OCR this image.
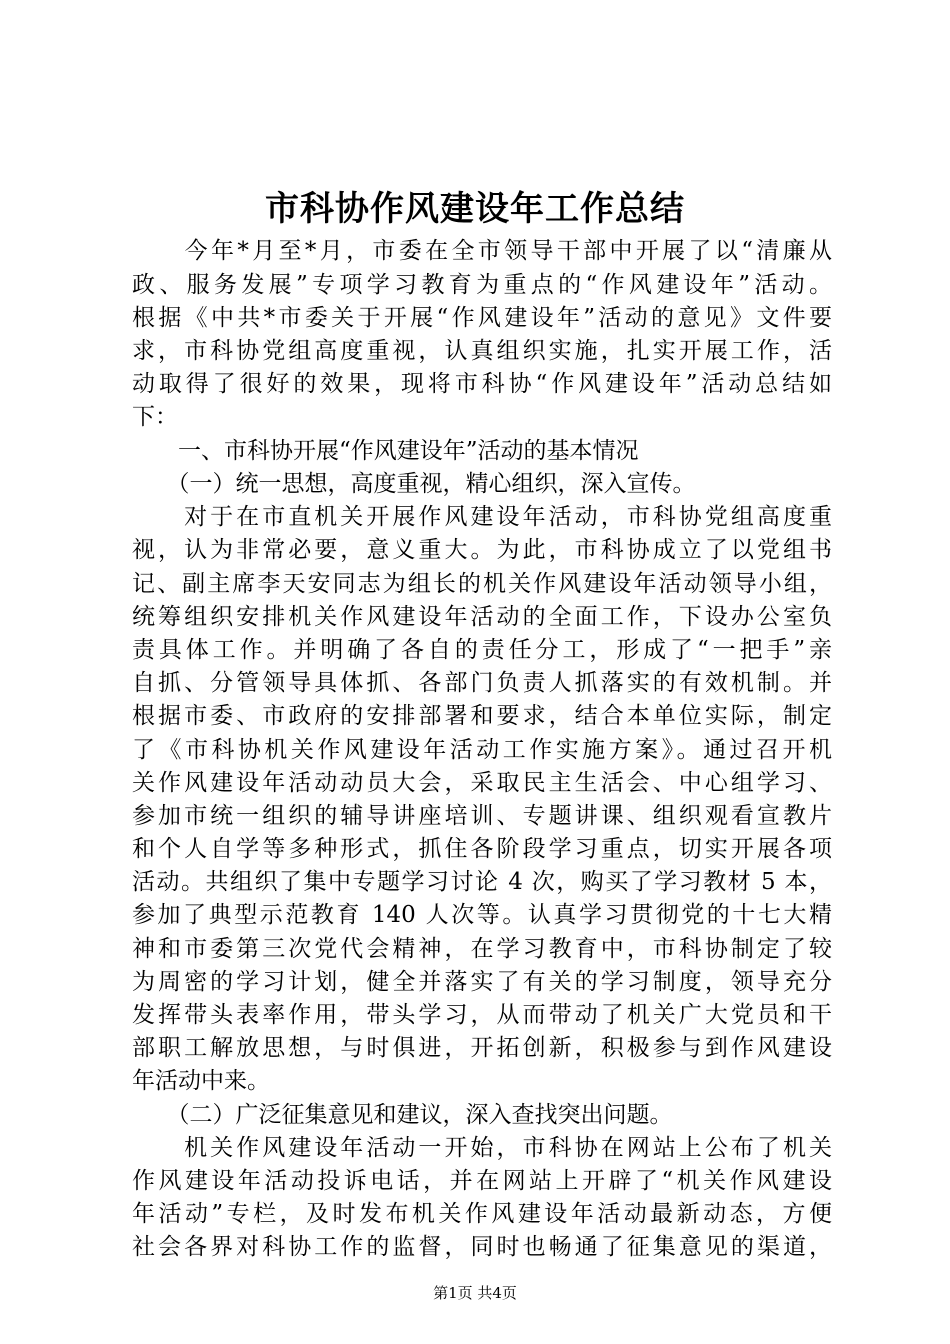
市科协作风建设年工作总结
　　今年*月至*月，市委在全市领导干部中开展了以“清廉从
政、服务发展”专项学习教育为重点的“作风建设年”活动。
根据《中共*市委关于开展“作风建设年”活动的意见》文件要
求，市科协党组高度重视，认真组织实施，扎实开展工作，活
动取得了很好的效果，现将市科协“作风建设年”活动总结如
下：
　　一、市科协开展“作风建设年”活动的基本情况
　　（一）统一思想，高度重视，精心组织，深入宣传。
　　对于在市直机关开展作风建设年活动，市科协党组高度重
视，认为非常必要，意义重大。为此，市科协成立了以党组书
记、副主席李天安同志为组长的机关作风建设年活动领导小组，
统筹组织安排机关作风建设年活动的全面工作，下设办公室负
责具体工作。并明确了各自的责任分工，形成了“一把手”亲
自抓、分管领导具体抓、各部门负责人抓落实的有效机制。并
根据市委、市政府的安排部署和要求，结合本单位实际，制定
了《市科协机关作风建设年活动工作实施方案》。通过召开机
关作风建设年活动动员大会，采取民主生活会、中心组学习、
参加市统一组织的辅导讲座培训、专题讲课、组织观看宣教片
和个人自学等多种形式，抓住各阶段学习重点，切实开展各项
活动。共组织了集中专题学习讨论 4 次，购买了学习教材 5 本，
参加了典型示范教育 140 人次等。认真学习贯彻党的十七大精
神和市委第三次党代会精神，在学习教育中，市科协制定了较
为周密的学习计划，健全并落实了有关的学习制度，领导充分
发挥带头表率作用，带头学习，从而带动了机关广大党员和干
部职工解放思想，与时俱进，开拓创新，积极参与到作风建设
年活动中来。
　　（二）广泛征集意见和建议，深入查找突出问题。
　　机关作风建设年活动一开始，市科协在网站上公布了机关
作风建设年活动投诉电话，并在网站上开辟了“机关作风建设
年活动”专栏，及时发布机关作风建设年活动最新动态，方便
社会各界对科协工作的监督，同时也畅通了征集意见的渠道，
第1页 共4页
